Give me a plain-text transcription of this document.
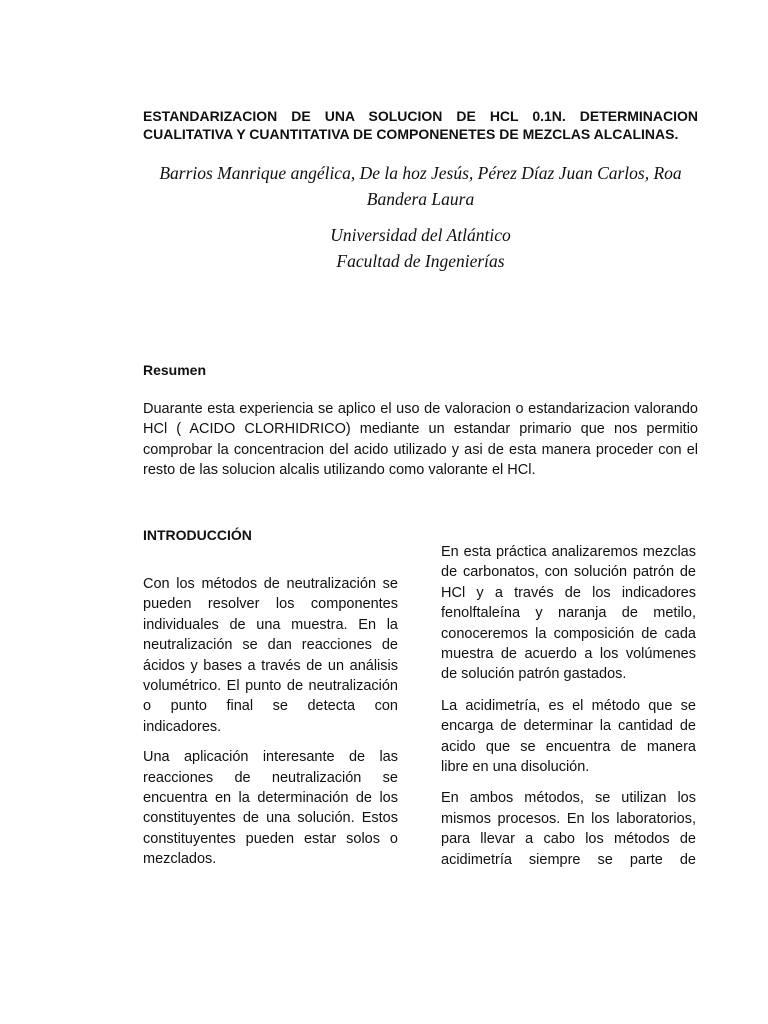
ESTANDARIZACION DE UNA SOLUCION DE HCL 0.1N. DETERMINACION CUALITATIVA Y CUANTITATIVA DE COMPONENETES DE MEZCLAS ALCALINAS.
Barrios Manrique angélica, De la hoz Jesús, Pérez Díaz Juan Carlos, Roa Bandera Laura
Universidad del Atlántico
Facultad de Ingenierías
Resumen
Duarante esta experiencia se aplico el uso de valoracion o estandarizacion valorando HCl ( ACIDO CLORHIDRICO) mediante un estandar primario que nos permitio comprobar la concentracion del acido utilizado y asi de esta manera proceder con el resto de las solucion alcalis utilizando como valorante el HCl.
INTRODUCCIÓN

Con los métodos de neutralización se pueden resolver los componentes individuales de una muestra. En la neutralización se dan reacciones de ácidos y bases a través de un análisis volumétrico. El punto de neutralización o punto final se detecta con indicadores.

Una aplicación interesante de las reacciones de neutralización se encuentra en la determinación de los constituyentes de una solución. Estos constituyentes pueden estar solos o mezclados.

En esta práctica analizaremos mezclas de carbonatos, con solución patrón de HCl y a través de los indicadores fenolftaleína y naranja de metilo, conoceremos la composición de cada muestra de acuerdo a los volúmenes de solución patrón gastados.

La acidimetría, es el método que se encarga de determinar la cantidad de acido que se encuentra de manera libre en una disolución.

En ambos métodos, se utilizan los mismos procesos. En los laboratorios, para llevar a cabo los métodos de acidimetría siempre se parte de
